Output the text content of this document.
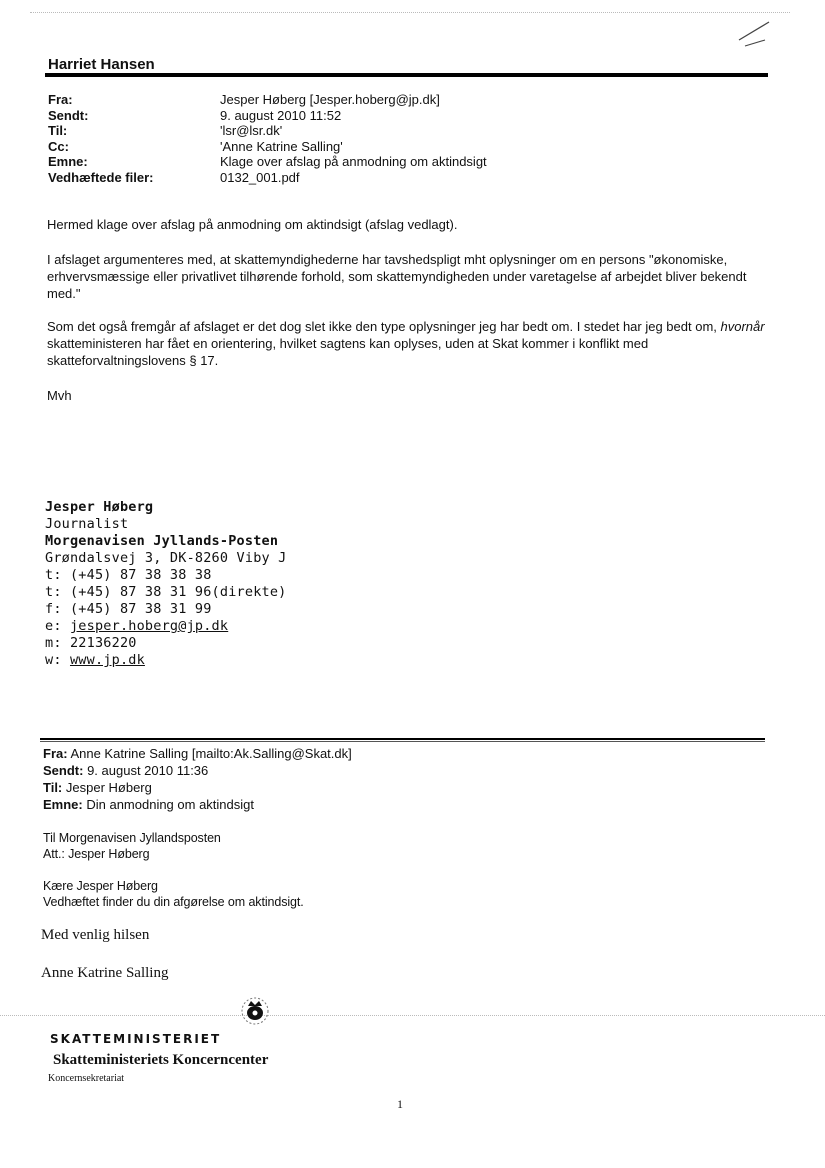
Harriet Hansen
Fra:	Jesper Høberg [Jesper.hoberg@jp.dk]
Sendt:	9. august 2010 11:52
Til:	'lsr@lsr.dk'
Cc:	'Anne Katrine Salling'
Emne:	Klage over afslag på anmodning om aktindsigt
Vedhæftede filer:	0132_001.pdf
Hermed klage over afslag på anmodning om aktindsigt (afslag vedlagt).
I afslaget argumenteres med, at skattemyndighederne har tavshedspligt mht oplysninger om en persons "økonomiske, erhvervsmæssige eller privatlivet tilhørende forhold, som skattemyndigheden under varetagelse af arbejdet bliver bekendt med."
Som det også fremgår af afslaget er det dog slet ikke den type oplysninger jeg har bedt om. I stedet har jeg bedt om, hvornår skatteministeren har fået en orientering, hvilket sagtens kan oplyses, uden at Skat kommer i konflikt med skatteforvaltningslovens § 17.
Mvh
Jesper Høberg
Journalist
Morgenavisen Jyllands-Posten
Grøndalsvej 3, DK-8260 Viby J
t: (+45) 87 38 38 38
t: (+45) 87 38 31 96(direkte)
f: (+45) 87 38 31 99
e: jesper.hoberg@jp.dk
m: 22136220
w: www.jp.dk
Fra: Anne Katrine Salling [mailto:Ak.Salling@Skat.dk]
Sendt: 9. august 2010 11:36
Til: Jesper Høberg
Emne: Din anmodning om aktindsigt
Til Morgenavisen Jyllandsposten
Att.: Jesper Høberg
Kære Jesper Høberg
Vedhæftet finder du din afgørelse om aktindsigt.
Med venlig hilsen
Anne Katrine Salling
SKATTEMINISTERIET
Skatteministeriets Koncerncenter
Koncernsekretariat
1
